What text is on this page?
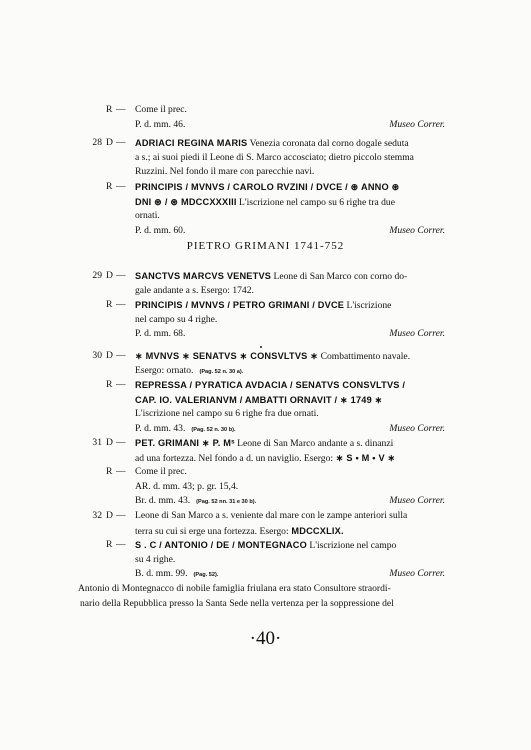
PIETRO GRIMANI 1741-752
R — Come il prec.
P. d. mm. 46.	Museo Correr.
28 D — ADRIACI REGINA MARIS Venezia coronata dal corno dogale seduta
a s.; ai suoi piedi il Leone di S. Marco accosciato; dietro piccolo stemma
Ruzzini. Nel fondo il mare con parecchie navi.
R — PRINCIPIS / MVNVS / CAROLO RVZINI / DVCE / ⊛ ANNO ⊛
DNI ⊛ / ⊛ MDCCXXXIII L'iscrizione nel campo su 6 righe tra due
ornati.
P. d. mm. 60.	Museo Correr.
29 D — SANCTVS MARCVS VENETVS Leone di San Marco con corno do-
gale andante a s. Esergo: 1742.
R — PRINCIPIS / MVNVS / PETRO GRIMANI / DVCE L'iscrizione
nel campo su 4 righe.
P. d. mm. 68.	Museo Correr.
30 D — ∗ MVNVS ∗ SENATVS ∗ CONSVLTVS ∗ Combattimento navale.
Esergo: ornato. (Pag. 52 n. 30 a).
R — REPRESSA / PYRATICA AVDACIA / SENATVS CONSVLTVS /
CAP. IO. VALERIANVM / AMBATTI ORNAVIT / ∗ 1749 ∗
L'iscrizione nel campo su 6 righe fra due ornati.
P. d. mm. 43. (Pag. 52 n. 30 b).	Museo Correr.
31 D — PET. GRIMANI ∗ P. Mˢ Leone di San Marco andante a s. dinanzi
ad una fortezza. Nel fondo a d. un naviglio. Esergo: ∗ S • M • V ∗
R — Come il prec.
AR. d. mm. 43; p. gr. 15,4.
Br. d. mm. 43. (Pag. 52 nn. 31 e 30 b).	Museo Correr.
32 D — Leone di San Marco a s. veniente dal mare con le zampe anteriori sulla
terra su cui si erge una fortezza. Esergo: MDCCXLIX.
R — S . C / ANTONIO / DE / MONTEGNACO L'iscrizione nel campo
su 4 righe.
B. d. mm. 99. (Pag. 52).	Museo Correr.
Antonio di Montegnacco di nobile famiglia friulana era stato Consultore straordi-
nario della Repubblica presso la Santa Sede nella vertenza per la soppressione del
·40·
